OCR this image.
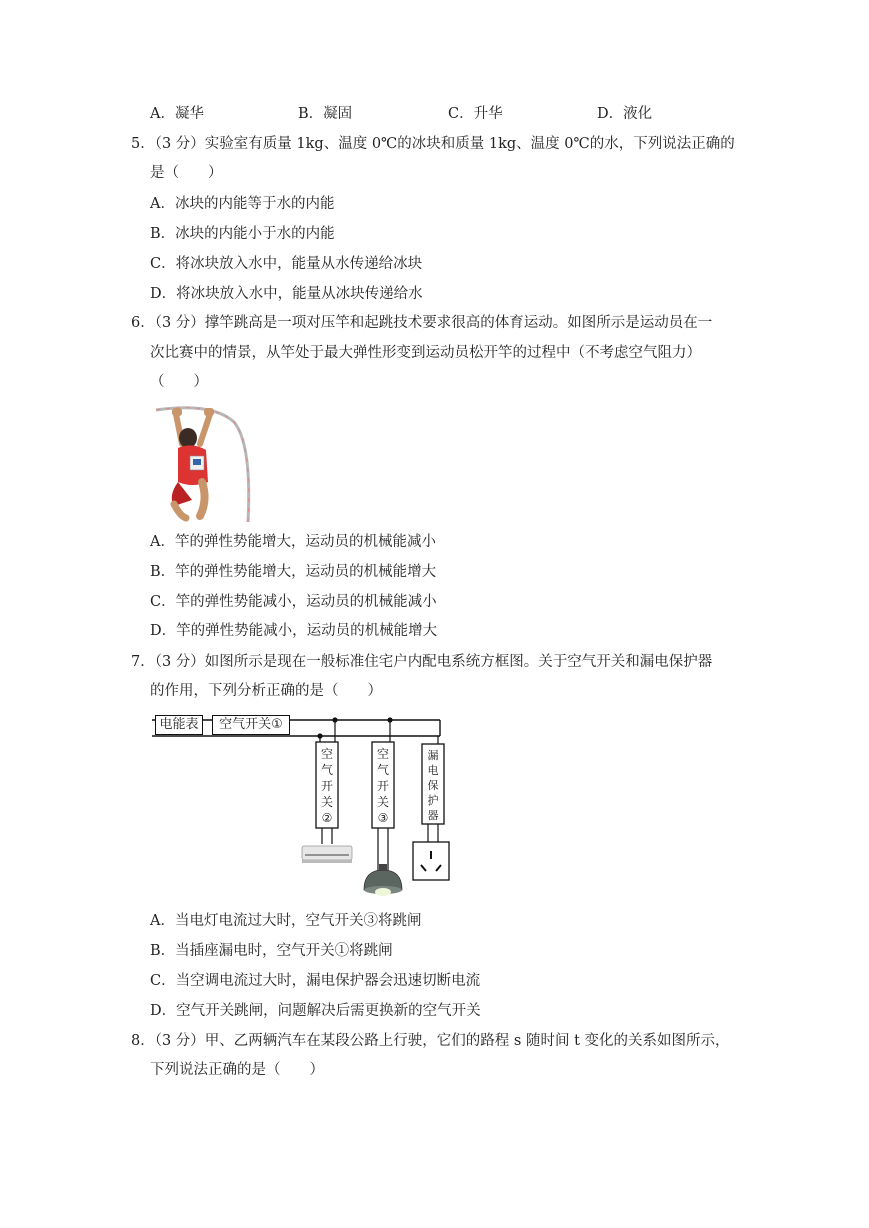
A．凝华	B．凝固	C．升华	D．液化
5．（3 分）实验室有质量 1kg、温度 0℃的冰块和质量 1kg、温度 0℃的水，下列说法正确的
是（　　）
A．冰块的内能等于水的内能
B．冰块的内能小于水的内能
C．将冰块放入水中，能量从水传递给冰块
D．将冰块放入水中，能量从冰块传递给水
6．（3 分）撑竿跳高是一项对压竿和起跳技术要求很高的体育运动。如图所示是运动员在一
次比赛中的情景，从竿处于最大弹性形变到运动员松开竿的过程中（不考虑空气阻力）
（　　）
A．竿的弹性势能增大，运动员的机械能减小
B．竿的弹性势能增大，运动员的机械能增大
C．竿的弹性势能减小，运动员的机械能减小
D．竿的弹性势能减小，运动员的机械能增大
7．（3 分）如图所示是现在一般标准住宅户内配电系统方框图。关于空气开关和漏电保护器
的作用，下列分析正确的是（　　）
电能表	空气开关①
空
气
开
关
②
空
气
开
关
③
漏
电
保
护
器
A．当电灯电流过大时，空气开关③将跳闸
B．当插座漏电时，空气开关①将跳闸
C．当空调电流过大时，漏电保护器会迅速切断电流
D．空气开关跳闸，问题解决后需更换新的空气开关
8．（3 分）甲、乙两辆汽车在某段公路上行驶，它们的路程 s 随时间 t 变化的关系如图所示，
下列说法正确的是（　　）
